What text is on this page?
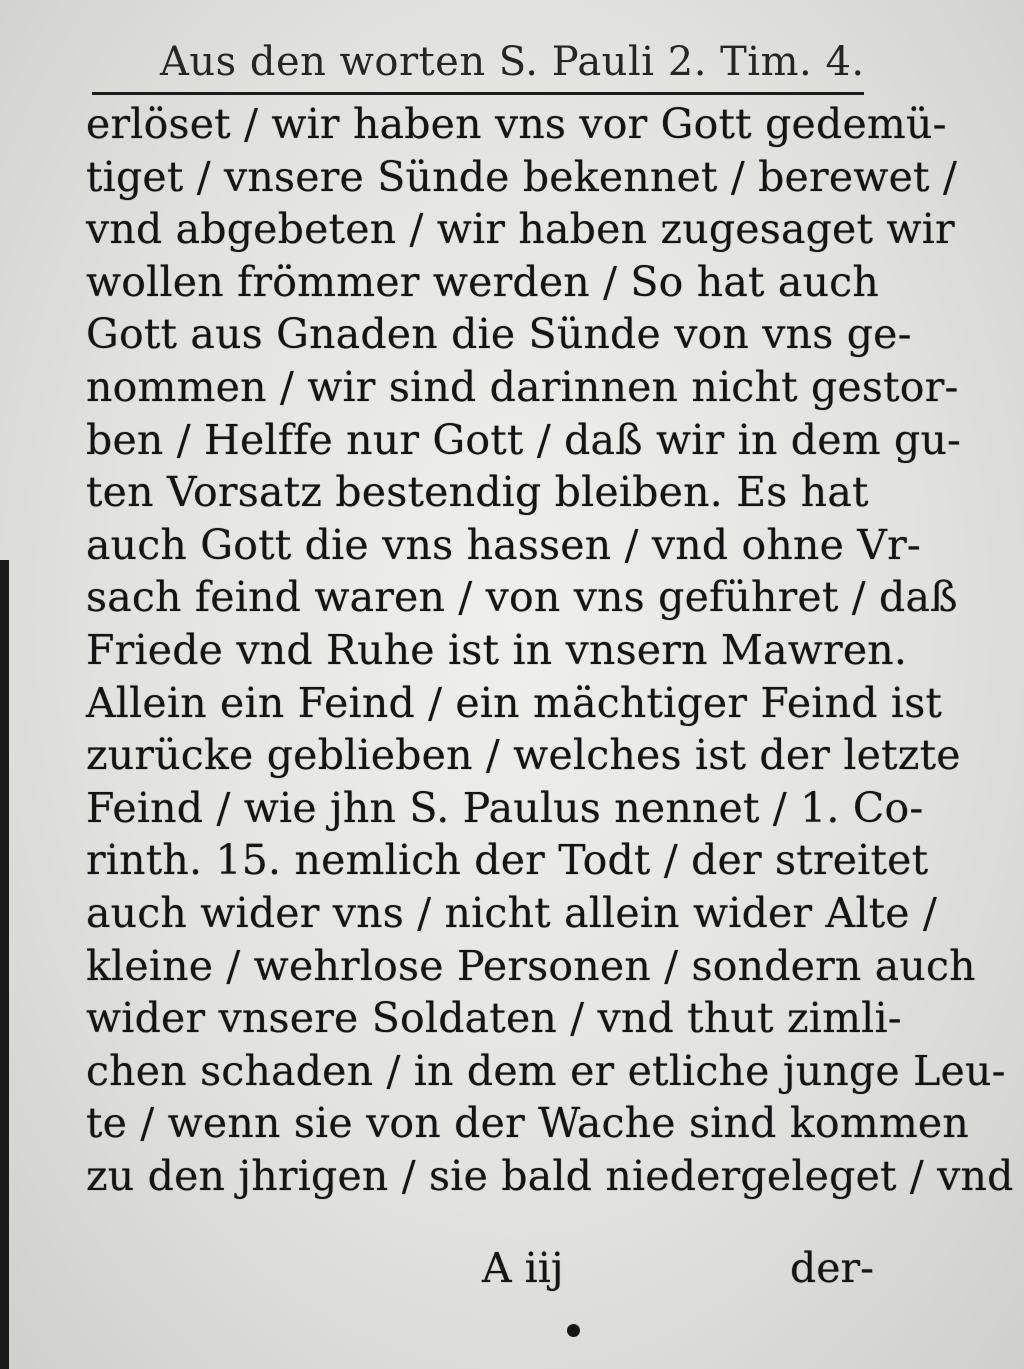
Aus den worten S. Pauli 2. Tim. 4.
erlöset / wir haben vns vor Gott gedemü-
tiget / vnsere Sünde bekennet / berewet /
vnd abgebeten / wir haben zugesaget wir
wollen frömmer werden / So hat auch
Gott aus Gnaden die Sünde von vns ge-
nommen / wir sind darinnen nicht gestor-
ben / Helffe nur Gott / daß wir in dem gu-
ten Vorsatz bestendig bleiben. Es hat
auch Gott die vns hassen / vnd ohne Vr-
sach feind waren / von vns geführet / daß
Friede vnd Ruhe ist in vnsern Mawren.
Allein ein Feind / ein mächtiger Feind ist
zurücke geblieben / welches ist der letzte
Feind / wie jhn S. Paulus nennet / 1. Co-
rinth. 15. nemlich der Todt / der streitet
auch wider vns / nicht allein wider Alte /
kleine / wehrlose Personen / sondern auch
wider vnsere Soldaten / vnd thut zimli-
chen schaden / in dem er etliche junge Leu-
te / wenn sie von der Wache sind kommen
zu den jhrigen / sie bald niedergeleget / vnd
A iij	der-
